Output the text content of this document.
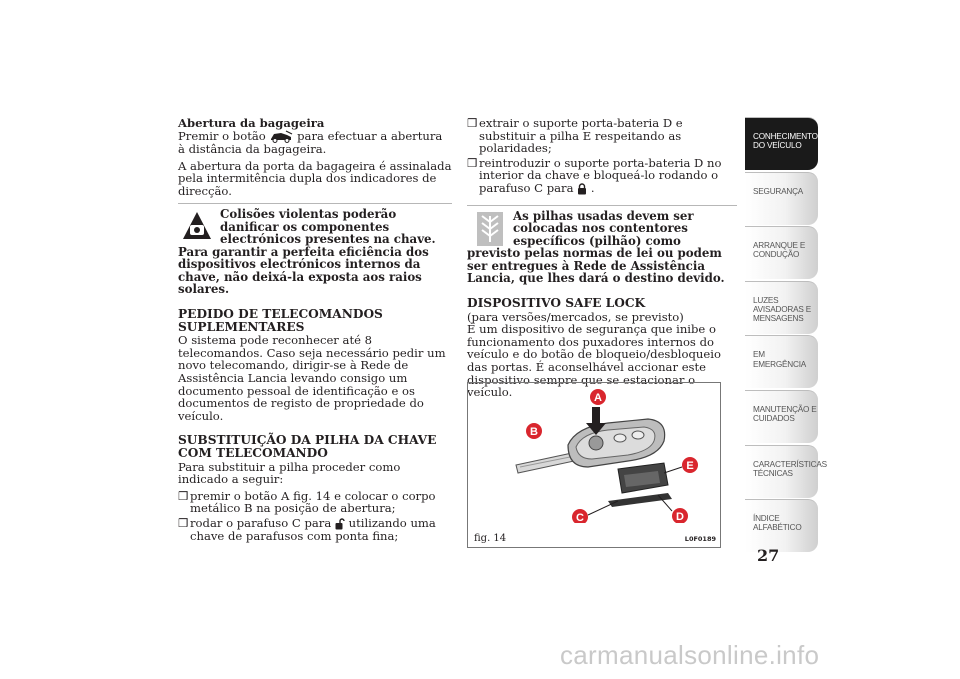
Abertura da bagageira

Premir o botão	para efectuar a abertura à distância da bagageira.

A abertura da porta da bagageira é assinalada pela intermitência dupla dos indicadores de direcção.

Colisões violentas poderão danificar os componentes electrónicos presentes na chave. Para garantir a perfeita eficiência dos dispositivos electrónicos internos da chave, não deixá-la exposta aos raios solares.

PEDIDO DE TELECOMANDOS SUPLEMENTARES

O sistema pode reconhecer até 8 telecomandos. Caso seja necessário pedir um novo telecomando, dirigir-se à Rede de Assistência Lancia levando consigo um documento pessoal de identificação e os documentos de registo de propriedade do veículo.

SUBSTITUIÇÃO DA PILHA DA CHAVE COM TELECOMANDO

Para substituir a pilha proceder como indicado a seguir:

❒ premir o botão A fig. 14 e colocar o corpo metálico B na posição de abertura;
❒ rodar o parafuso C para utilizando uma chave de parafusos com ponta fina;
❒ extrair o suporte porta-bateria D e substituir a pilha E respeitando as polaridades;
❒ reintroduzir o suporte porta-bateria D no interior da chave e bloqueá-lo rodando o parafuso C para .
As pilhas usadas devem ser colocadas nos contentores específicos (pilhão) como previsto pelas normas de lei ou podem ser entregues à Rede de Assistência Lancia, que lhes dará o destino devido.

DISPOSITIVO SAFE LOCK

(para versões/mercados, se previsto)

É um dispositivo de segurança que inibe o funcionamento dos puxadores internos do veículo e do botão de bloqueio/desbloqueio das portas. É aconselhável accionar este dispositivo sempre que se estacionar o veículo.	A
B
C	D
E
fig. 14	L0F0189
CONHECIMENTO
DO VEÍCULO
SEGURANÇA
ARRANQUE E
CONDUÇÃO
LUZES
AVISADORAS E
MENSAGENS
EM EMERGÊNCIA
MANUTENÇÃO E
CUIDADOS
CARACTERÍSTICAS
TÉCNICAS
ÍNDICE
ALFABÉTICO
27
carmanualsonline.info
